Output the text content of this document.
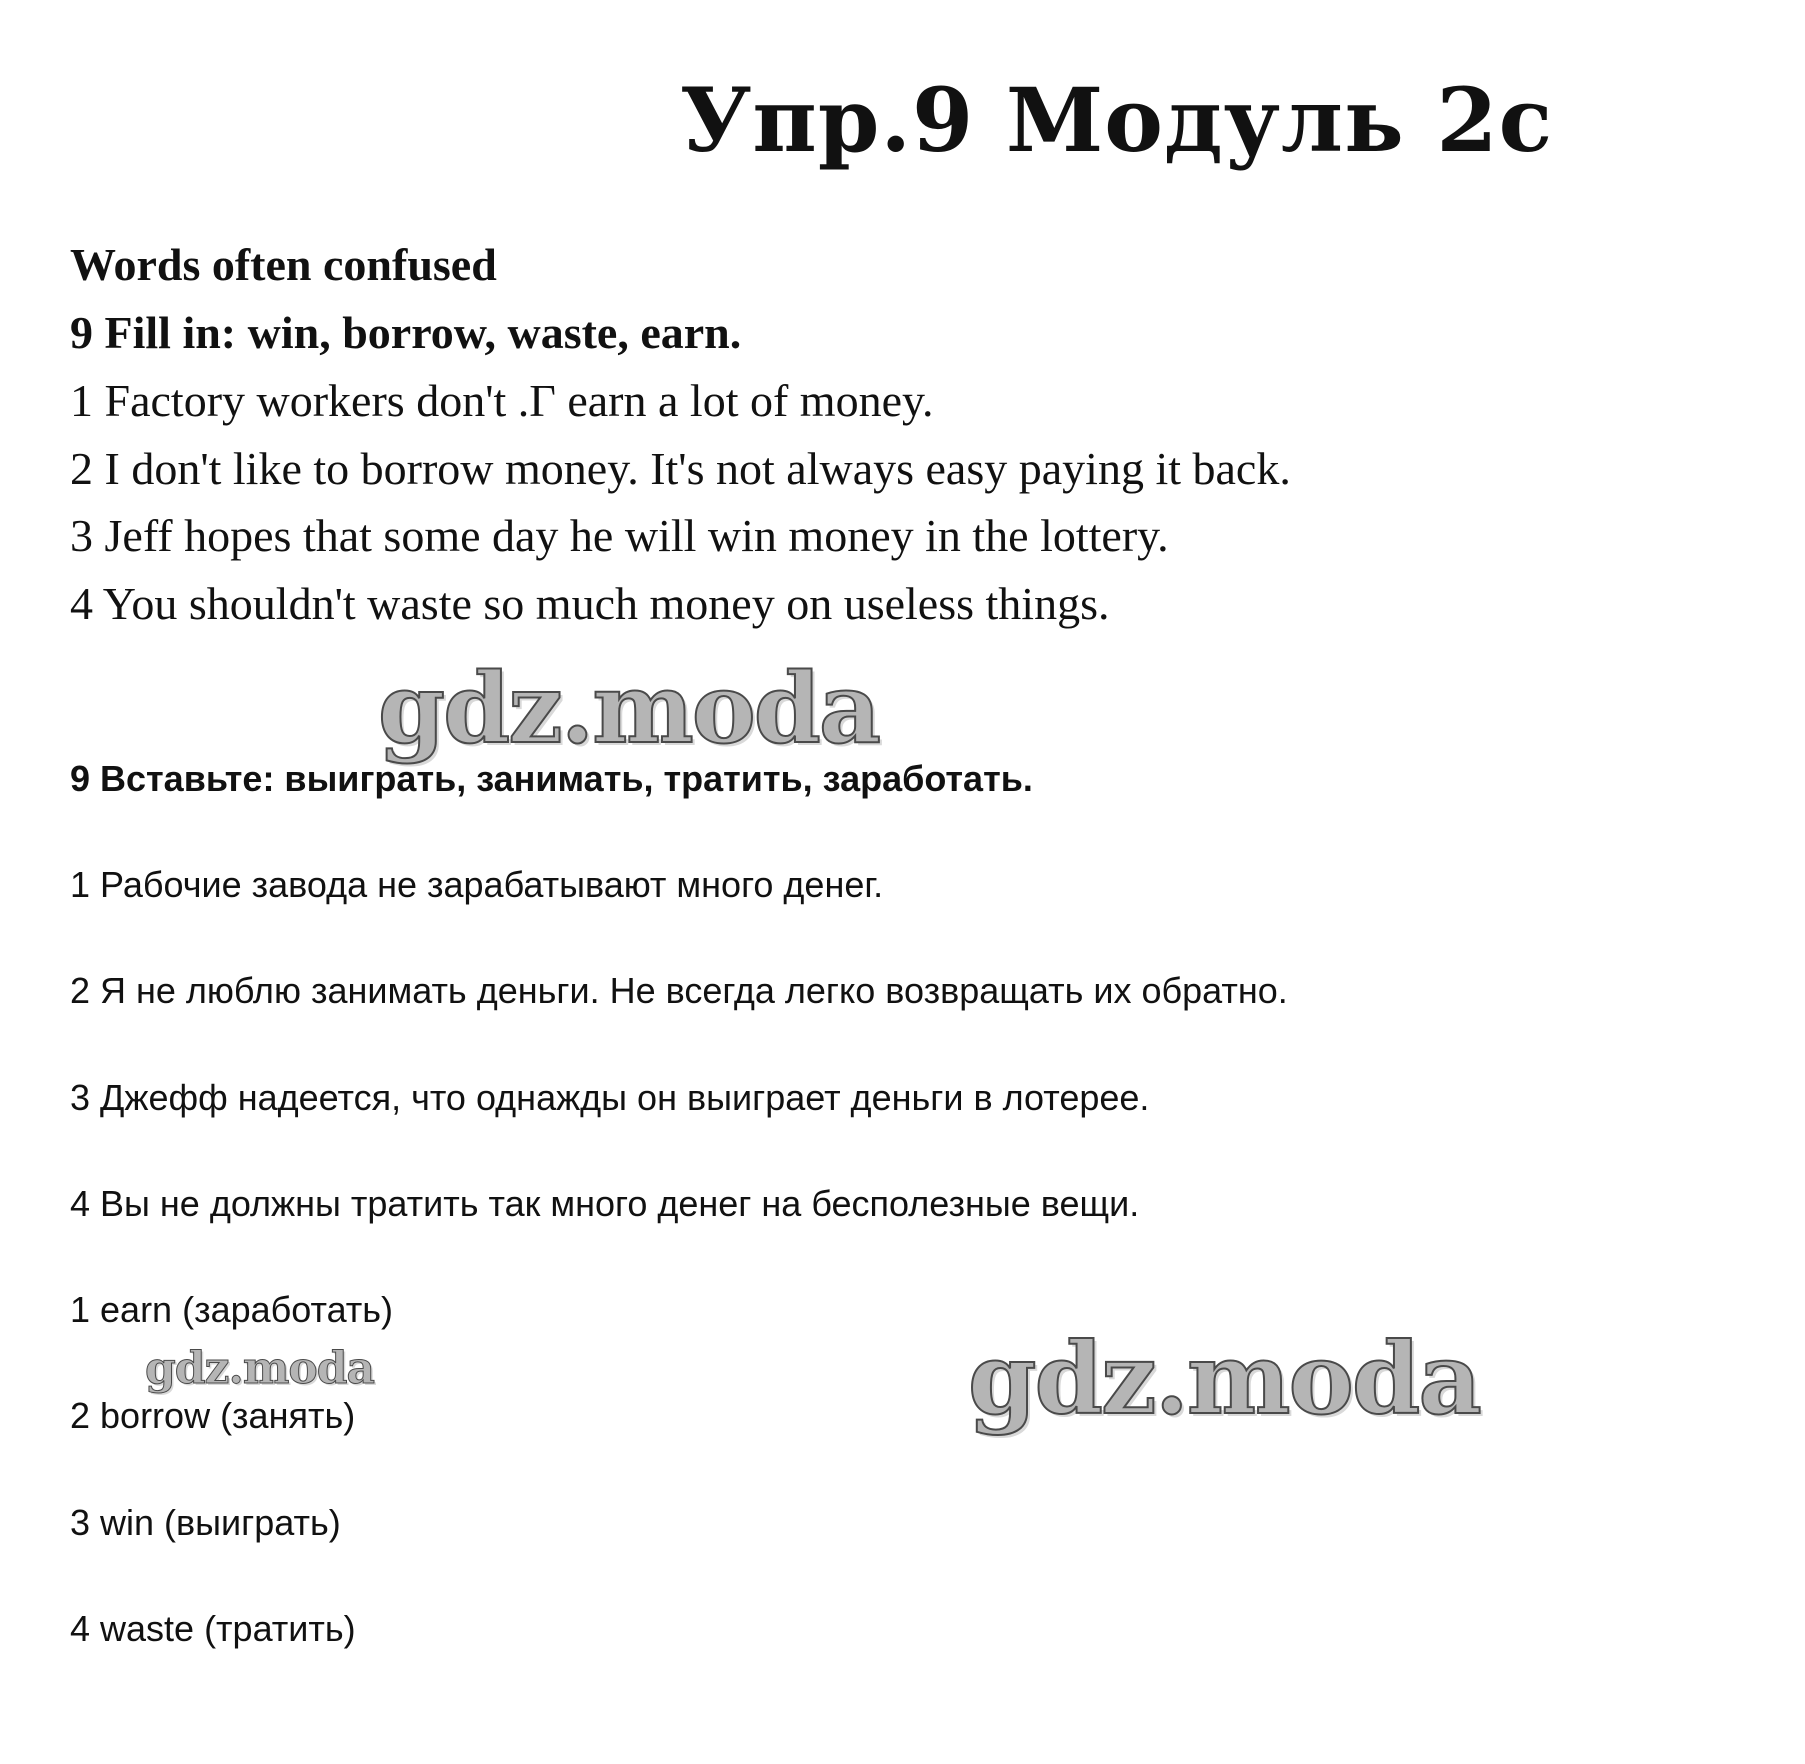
Упр.9 Модуль 2с
Words often confused
9 Fill in: win, borrow, waste, earn.
1 Factory workers don't .Г earn a lot of money.
2 I don't like to borrow money. It's not always easy paying it back.
3 Jeff hopes that some day he will win money in the lottery.
4 You shouldn't waste so much money on useless things.
gdz.moda
9 Вставьте: выиграть, занимать, тратить, заработать.
1 Рабочие завода не зарабатывают много денег.
2 Я не люблю занимать деньги. Не всегда легко возвращать их обратно.
3 Джефф надеется, что однажды он выиграет деньги в лотерее.
4 Вы не должны тратить так много денег на бесполезные вещи.
1 earn (заработать)
gdz.moda
2 borrow (занять)
3 win (выиграть)
4 waste (тратить)
gdz.moda
